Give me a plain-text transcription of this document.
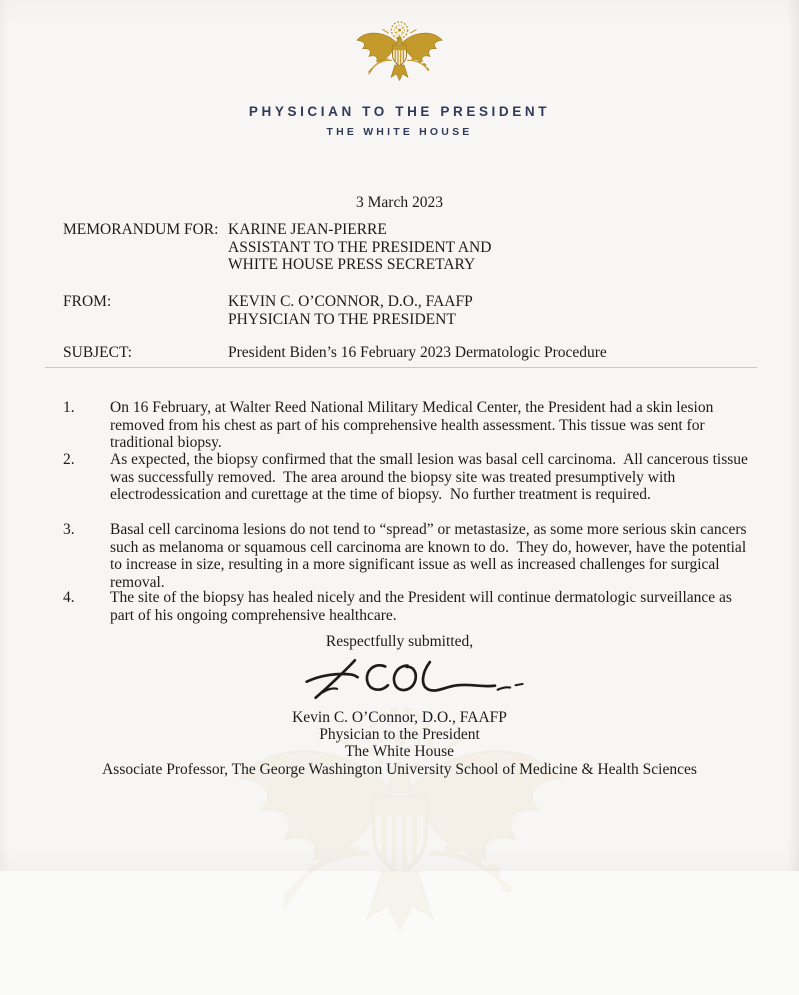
PHYSICIAN TO THE PRESIDENT
THE WHITE HOUSE
3 March 2023
MEMORANDUM FOR: KARINE JEAN-PIERRE
ASSISTANT TO THE PRESIDENT AND
WHITE HOUSE PRESS SECRETARY
FROM:	KEVIN C. O’CONNOR, D.O., FAAFP
PHYSICIAN TO THE PRESIDENT
SUBJECT:	President Biden’s 16 February 2023 Dermatologic Procedure
1. On 16 February, at Walter Reed National Military Medical Center, the President had a skin lesion removed from his chest as part of his comprehensive health assessment. This tissue was sent for traditional biopsy.
2. As expected, the biopsy confirmed that the small lesion was basal cell carcinoma.  All cancerous tissue was successfully removed.  The area around the biopsy site was treated presumptively with electrodessication and curettage at the time of biopsy.  No further treatment is required.
3. Basal cell carcinoma lesions do not tend to “spread” or metastasize, as some more serious skin cancers such as melanoma or squamous cell carcinoma are known to do.  They do, however, have the potential to increase in size, resulting in a more significant issue as well as increased challenges for surgical removal.
4. The site of the biopsy has healed nicely and the President will continue dermatologic surveillance as part of his ongoing comprehensive healthcare.
Respectfully submitted,
Kevin C. O’Connor, D.O., FAAFP
Physician to the President
The White House
Associate Professor, The George Washington University School of Medicine & Health Sciences
